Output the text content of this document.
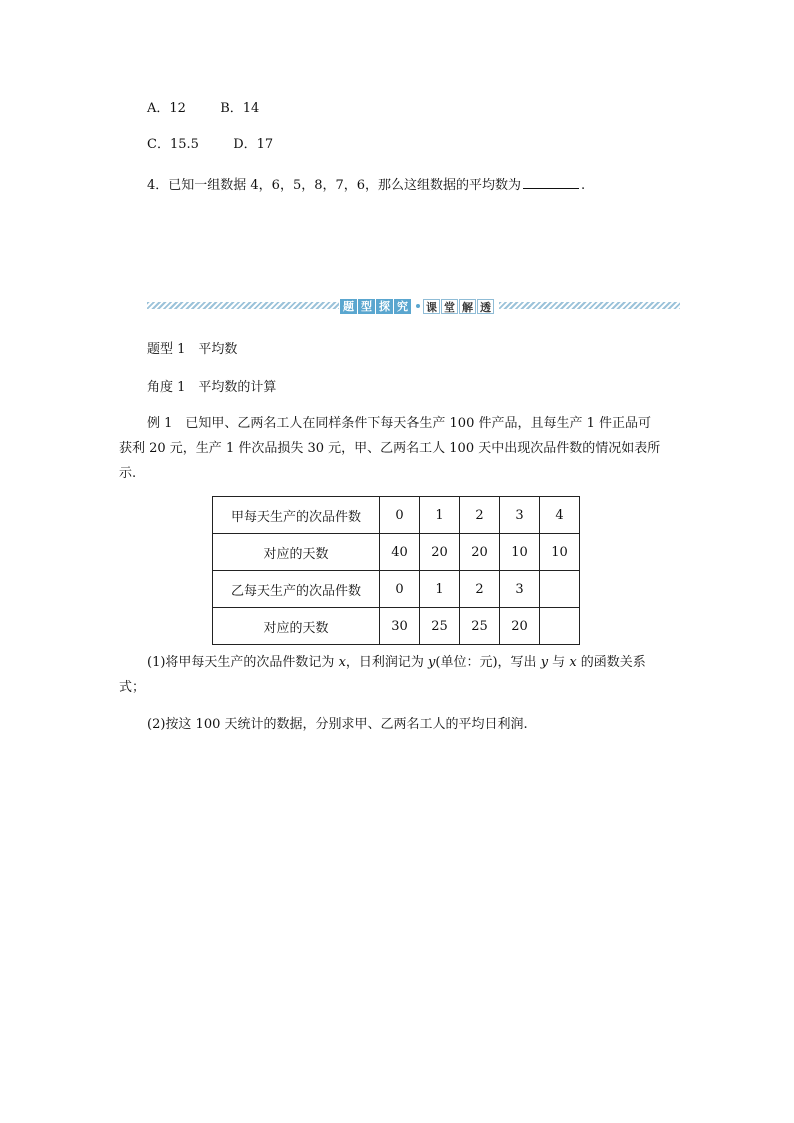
A．12	B．14
C．15.5	D．17
4．已知一组数据 4，6，5，8，7，6，那么这组数据的平均数为	.
题 型 探 究 课 堂 解 透
题型 1　平均数
角度 1　平均数的计算
例 1　已知甲、乙两名工人在同样条件下每天各生产 100 件产品，且每生产 1 件正品可
获利 20 元，生产 1 件次品损失 30 元，甲、乙两名工人 100 天中出现次品件数的情况如表所
示.
甲每天生产的次品件数	0	1	2	3	4
对应的天数	40	20	20	10	10
乙每天生产的次品件数	0	1	2	3	
对应的天数	30	25	25	20	
(1)将甲每天生产的次品件数记为 x，日利润记为 y(单位：元)，写出 y 与 x 的函数关系
式；
(2)按这 100 天统计的数据，分别求甲、乙两名工人的平均日利润.
